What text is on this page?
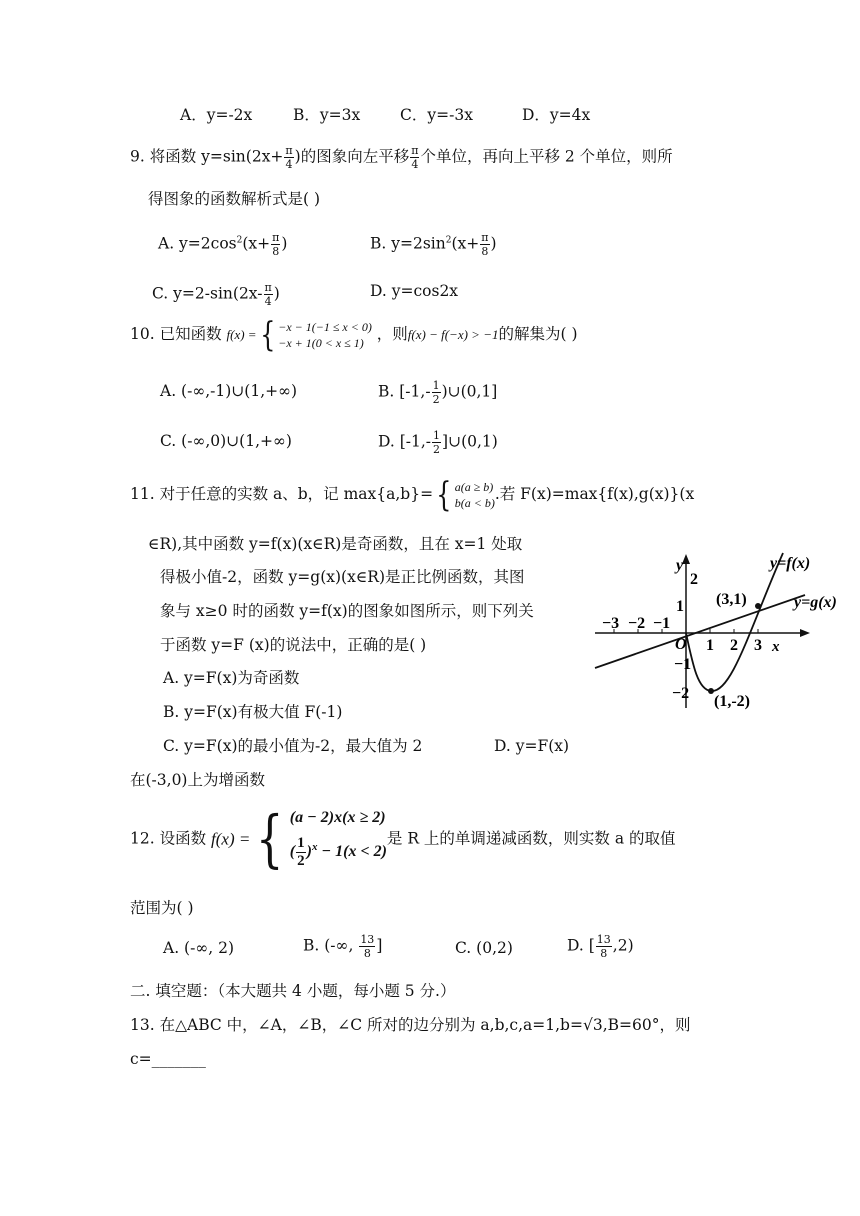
A．y=-2x	B．y=3x	C．y=-3x	D．y=4x
9. 将函数 $y=\sin(2x+ \frac{\pi}{4}$ )的图象向左平移 $\frac{\pi}{4}$ 个单位，再向上平移 2 个单位，则所
得图象的函数解析式是( )
A. $y=2\cos^2(x+ \frac{\pi}{8}$ )	B. $y=2\sin^2(x+ \frac{\pi}{8}$ )
C. $y=2-\sin(2x- \frac{\pi}{4}$ )	D. y=cos2x
10. 已知函数 f(x) ={ −x − 1(−1 ≤ x < 0)
−x + 1(0 < x ≤ 1) ，则f(x) − f(−x) > −1的解集为( )
A. (-∞,-1)∪(1,+∞)	B. [$-1,- \frac{1}{2}$ )∪(0,1]
C. (-∞,0)∪(1,+∞)	D. [$-1,- \frac{1}{2}$ ]∪(0,1)
11. 对于任意的实数 a、b，记 max{a,b}={ a(a ≥ b)
b(a < b) .若 F(x)=max{f(x),g(x)}(x
∈R),其中函数 y=f(x)(x∈R)是奇函数，且在 x=1 处取
得极小值-2，函数 y=g(x)(x∈R)是正比例函数，其图
象与 x≥0 时的函数 y=f(x)的图象如图所示，则下列关
于函数 y=F (x)的说法中，正确的是( )
A. y=F(x)为奇函数
B. y=F(x)有极大值 F(-1)
C. y=F(x)的最小值为-2，最大值为 2	D. y=F(x)
在(-3,0)上为增函数
y=f(x)
y=g(x)
y
x
O
(3,1)
(1,-2)
−3 −2 −1
1 2 3
2
1
−1
−2
12. 设函数 f(x) ={ (a − 2)x(x ≥ 2)
( $\frac{1}{2} )^x - 1(x < 2)$
是 R 上的单调递减函数，则实数 a 的取值
范围为( )
A. (-∞, 2)	B. (-∞, $\frac{13}{8}$ ]	C. (0,2)	D. [ $\frac{13}{8} ,2$)
二. 填空题：（本大题共 4 小题，每小题 5 分.）
13. 在△ABC 中，∠A，∠B，∠C 所对的边分别为 a,b,c,a=1,b=√3,B=60°，则
c=_______
